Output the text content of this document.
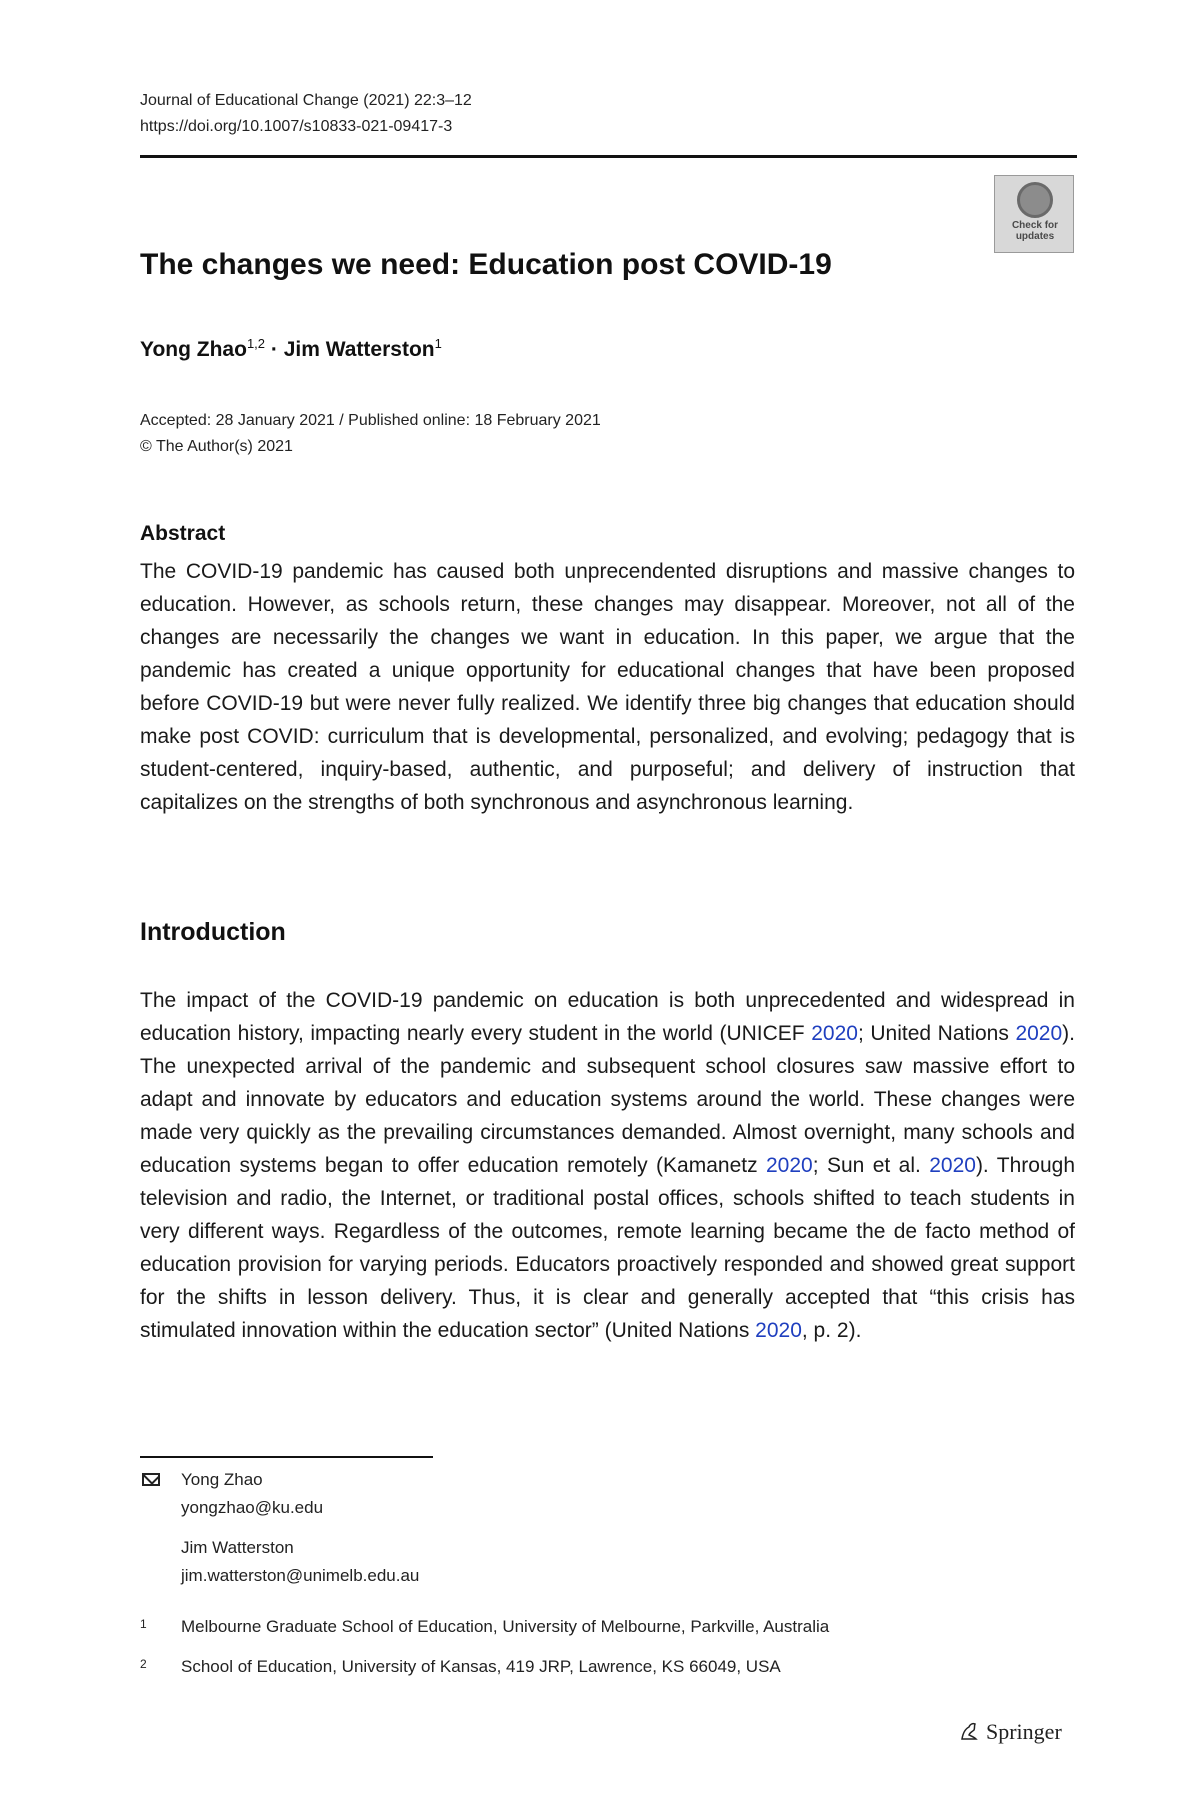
Journal of Educational Change (2021) 22:3–12
https://doi.org/10.1007/s10833-021-09417-3
Check for
updates
The changes we need: Education post COVID-19
Yong Zhao$^{1,2}$ · Jim Watterston$^1$
Accepted: 28 January 2021 / Published online: 18 February 2021
© The Author(s) 2021
Abstract
The COVID-19 pandemic has caused both unprecendented disruptions and massive changes to education. However, as schools return, these changes may disappear. Moreover, not all of the changes are necessarily the changes we want in education. In this paper, we argue that the pandemic has created a unique opportunity for educational changes that have been proposed before COVID-19 but were never fully realized. We identify three big changes that education should make post COVID: curriculum that is developmental, personalized, and evolving; pedagogy that is student-centered, inquiry-based, authentic, and purposeful; and delivery of instruction that capitalizes on the strengths of both synchronous and asynchronous learning.
Introduction
The impact of the COVID-19 pandemic on education is both unprecedented and widespread in education history, impacting nearly every student in the world (UNICEF 2020; United Nations 2020). The unexpected arrival of the pandemic and subsequent school closures saw massive effort to adapt and innovate by educators and education systems around the world. These changes were made very quickly as the prevailing circumstances demanded. Almost overnight, many schools and education systems began to offer education remotely (Kamanetz 2020; Sun et al. 2020). Through television and radio, the Internet, or traditional postal offices, schools shifted to teach students in very different ways. Regardless of the outcomes, remote learning became the de facto method of education provision for varying periods. Educators proactively responded and showed great support for the shifts in lesson delivery. Thus, it is clear and generally accepted that “this crisis has stimulated innovation within the education sector” (United Nations 2020, p. 2).
Yong Zhao
yongzhao@ku.edu
Jim Watterston
jim.watterston@unimelb.edu.au
1 Melbourne Graduate School of Education, University of Melbourne, Parkville, Australia
2 School of Education, University of Kansas, 419 JRP, Lawrence, KS 66049, USA
Springer
